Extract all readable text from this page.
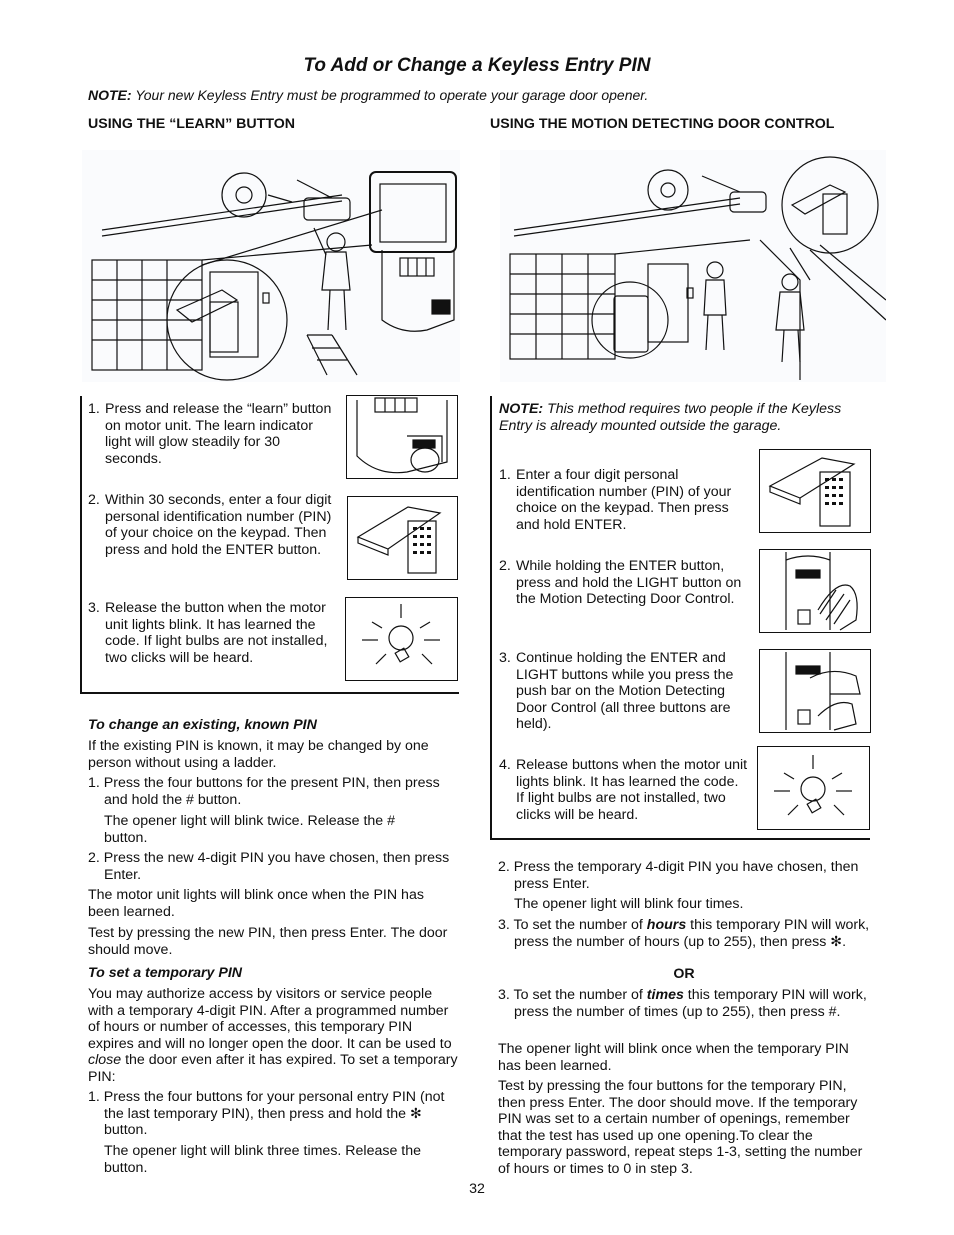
To Add or Change a Keyless Entry PIN
NOTE: Your new Keyless Entry must be programmed to operate your garage door opener.
USING THE “LEARN” BUTTON	USING THE MOTION DETECTING DOOR CONTROL
1. Press and release the “learn” button on motor unit. The learn indicator light will glow steadily for 30 seconds.
2. Within 30 seconds, enter a four digit personal identification number (PIN) of your choice on the keypad. Then press and hold the ENTER button.
3. Release the button when the motor unit lights blink. It has learned the code. If light bulbs are not installed, two clicks will be heard.
NOTE: This method requires two people if the Keyless Entry is already mounted outside the garage.
1. Enter a four digit personal identification number (PIN) of your choice on the keypad. Then press and hold ENTER.
2. While holding the ENTER button, press and hold the LIGHT button on the Motion Detecting Door Control.
3. Continue holding the ENTER and LIGHT buttons while you press the push bar on the Motion Detecting Door Control (all three buttons are held).
4. Release buttons when the motor unit lights blink. It has learned the code. If light bulbs are not installed, two clicks will be heard.
To change an existing, known PIN
If the existing PIN is known, it may be changed by one person without using a ladder.
1. Press the four buttons for the present PIN, then press and hold the # button.
The opener light will blink twice. Release the # button.
2. Press the new 4-digit PIN you have chosen, then press Enter.
The motor unit lights will blink once when the PIN has been learned.
Test by pressing the new PIN, then press Enter. The door should move.
To set a temporary PIN
You may authorize access by visitors or service people with a temporary 4-digit PIN. After a programmed number of hours or number of accesses, this temporary PIN expires and will no longer open the door. It can be used to close the door even after it has expired. To set a temporary PIN:
1. Press the four buttons for your personal entry PIN (not the last temporary PIN), then press and hold the ✻ button.
The opener light will blink three times. Release the button.
2. Press the temporary 4-digit PIN you have chosen, then press Enter.
The opener light will blink four times.
3. To set the number of hours this temporary PIN will work, press the number of hours (up to 255), then press ✻.
OR
3. To set the number of times this temporary PIN will work, press the number of times (up to 255), then press #.
The opener light will blink once when the temporary PIN has been learned.
Test by pressing the four buttons for the temporary PIN, then press Enter. The door should move. If the temporary PIN was set to a certain number of openings, remember that the test has used up one opening.To clear the temporary password, repeat steps 1-3, setting the number of hours or times to 0 in step 3.
32
